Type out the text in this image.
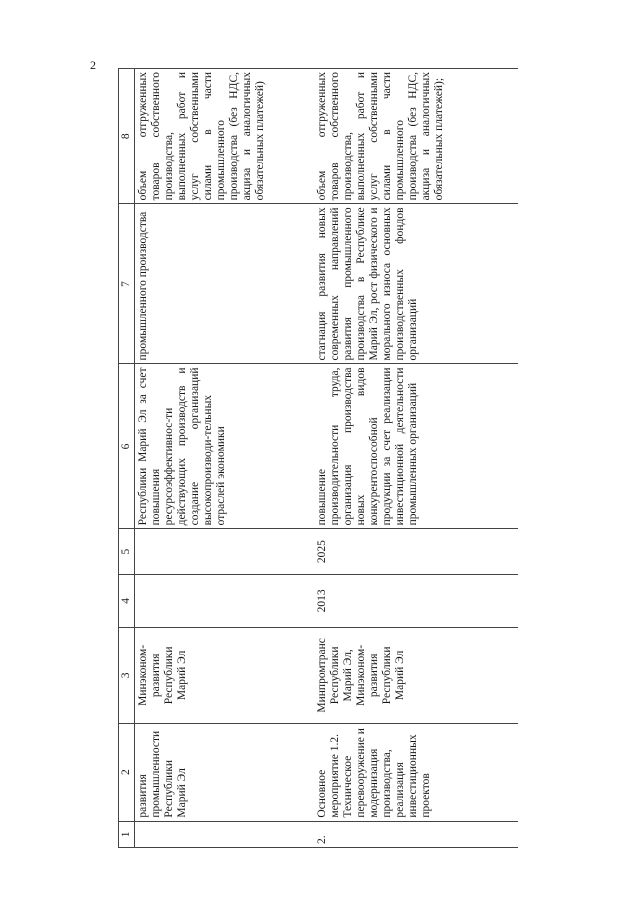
2
1	2	3	4	5	6	7	8
	развития промышленности Республики Марий Эл	Минэконом-развития Республики Марий Эл			Республики Марий Эл за счет повышения ресурсоэффективнос-ти действующих производств и создание организаций высокопроизводи-тельных отраслей экономики	промышленного производства	объем отгруженных товаров собственного производства, выполненных работ и услуг собственными силами в части промышленного производства (без НДС, акциза и аналогичных обязательных платежей)
2.	Основное мероприятие 1.2. Техническое перевооружение и модернизация производства, реализация инвестиционных проектов	Минпромтранс Республики Марий Эл, Минэконом-развития Республики Марий Эл	2013	2025	повышение производительности труда, организация производства новых видов конкурентоспособной продукции за счет реализации инвестиционной деятельности промышленных организаций	стагнация развития новых современных направлений развития промышленного производства в Республике Марий Эл, рост физического и морального износа основных производственных фондов организаций	объем отгруженных товаров собственного производства, выполненных работ и услуг собственными силами в части промышленного производства (без НДС, акциза и аналогичных обязательных платежей);
